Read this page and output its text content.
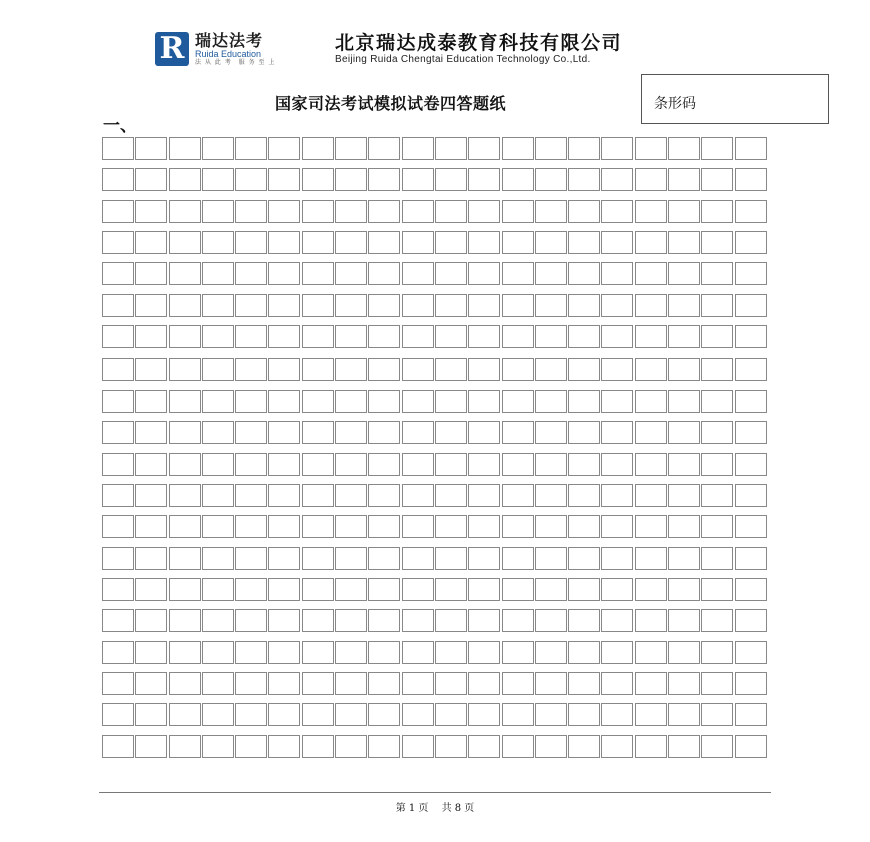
R 瑞达法考
Ruida Education
法 从 此 考　服 务 至 上
北京瑞达成泰教育科技有限公司
Beijing Ruida Chengtai Education Technology Co.,Ltd.
国家司法考试模拟试卷四答题纸	条形码
一、
第 1 页　 共 8 页
